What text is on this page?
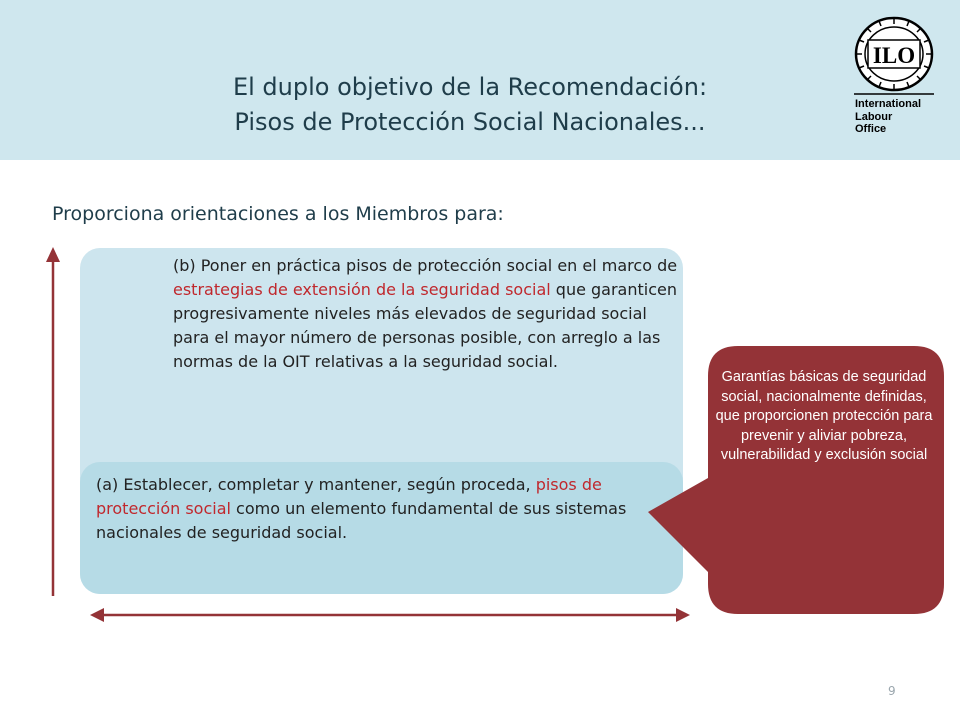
El duplo objetivo de la Recomendación:
Pisos de Protección Social Nacionales...
ILO
International
Labour
Office
Proporciona orientaciones a los Miembros para:
(b) Poner en práctica pisos de protección social en el marco de estrategias de extensión de la seguridad social que garanticen progresivamente niveles más elevados de seguridad social para el mayor número de personas posible, con arreglo a las normas de la OIT relativas a la seguridad social.
(a) Establecer, completar y mantener, según proceda, pisos de protección social como un elemento fundamental de sus sistemas nacionales de seguridad social.
Garantías básicas de seguridad social, nacionalmente definidas, que proporcionen protección para prevenir y aliviar pobreza, vulnerabilidad y exclusión social
9
